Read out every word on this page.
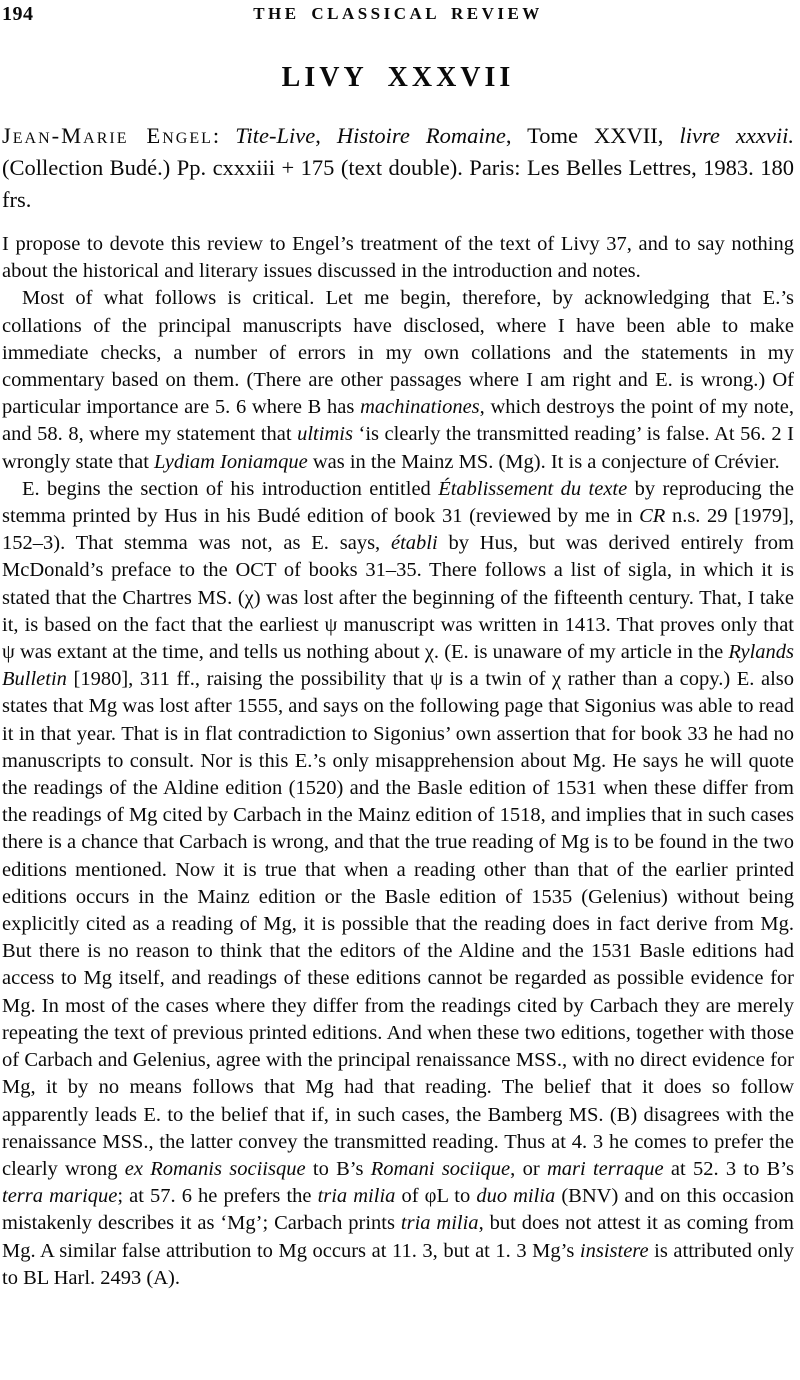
194	THE CLASSICAL REVIEW
LIVY XXXVII

Jean-Marie Engel: Tite-Live, Histoire Romaine, Tome XXVII, livre xxxvii. (Collection Budé.) Pp. cxxxiii + 175 (text double). Paris: Les Belles Lettres, 1983. 180 frs.

I propose to devote this review to Engel’s treatment of the text of Livy 37, and to say nothing about the historical and literary issues discussed in the introduction and notes.

Most of what follows is critical. Let me begin, therefore, by acknowledging that E.’s collations of the principal manuscripts have disclosed, where I have been able to make immediate checks, a number of errors in my own collations and the statements in my commentary based on them. (There are other passages where I am right and E. is wrong.) Of particular importance are 5. 6 where B has machinationes, which destroys the point of my note, and 58. 8, where my statement that ultimis ‘is clearly the transmitted reading’ is false. At 56. 2 I wrongly state that Lydiam Ioniamque was in the Mainz MS. (Mg). It is a conjecture of Crévier.

E. begins the section of his introduction entitled Établissement du texte by reproducing the stemma printed by Hus in his Budé edition of book 31 (reviewed by me in CR n.s. 29 [1979], 152–3). That stemma was not, as E. says, établi by Hus, but was derived entirely from McDonald’s preface to the OCT of books 31–35. There follows a list of sigla, in which it is stated that the Chartres MS. (χ) was lost after the beginning of the fifteenth century. That, I take it, is based on the fact that the earliest ψ manuscript was written in 1413. That proves only that ψ was extant at the time, and tells us nothing about χ. (E. is unaware of my article in the Rylands Bulletin [1980], 311 ff., raising the possibility that ψ is a twin of χ rather than a copy.) E. also states that Mg was lost after 1555, and says on the following page that Sigonius was able to read it in that year. That is in flat contradiction to Sigonius’ own assertion that for book 33 he had no manuscripts to consult. Nor is this E.’s only misapprehension about Mg. He says he will quote the readings of the Aldine edition (1520) and the Basle edition of 1531 when these differ from the readings of Mg cited by Carbach in the Mainz edition of 1518, and implies that in such cases there is a chance that Carbach is wrong, and that the true reading of Mg is to be found in the two editions mentioned. Now it is true that when a reading other than that of the earlier printed editions occurs in the Mainz edition or the Basle edition of 1535 (Gelenius) without being explicitly cited as a reading of Mg, it is possible that the reading does in fact derive from Mg. But there is no reason to think that the editors of the Aldine and the 1531 Basle editions had access to Mg itself, and readings of these editions cannot be regarded as possible evidence for Mg. In most of the cases where they differ from the readings cited by Carbach they are merely repeating the text of previous printed editions. And when these two editions, together with those of Carbach and Gelenius, agree with the principal renaissance MSS., with no direct evidence for Mg, it by no means follows that Mg had that reading. The belief that it does so follow apparently leads E. to the belief that if, in such cases, the Bamberg MS. (B) disagrees with the renaissance MSS., the latter convey the transmitted reading. Thus at 4. 3 he comes to prefer the clearly wrong ex Romanis sociisque to B’s Romani sociique, or mari terraque at 52. 3 to B’s terra marique; at 57. 6 he prefers the tria milia of φL to duo milia (BNV) and on this occasion mistakenly describes it as ‘Mg’; Carbach prints tria milia, but does not attest it as coming from Mg. A similar false attribution to Mg occurs at 11. 3, but at 1. 3 Mg’s insistere is attributed only to BL Harl. 2493 (A).
